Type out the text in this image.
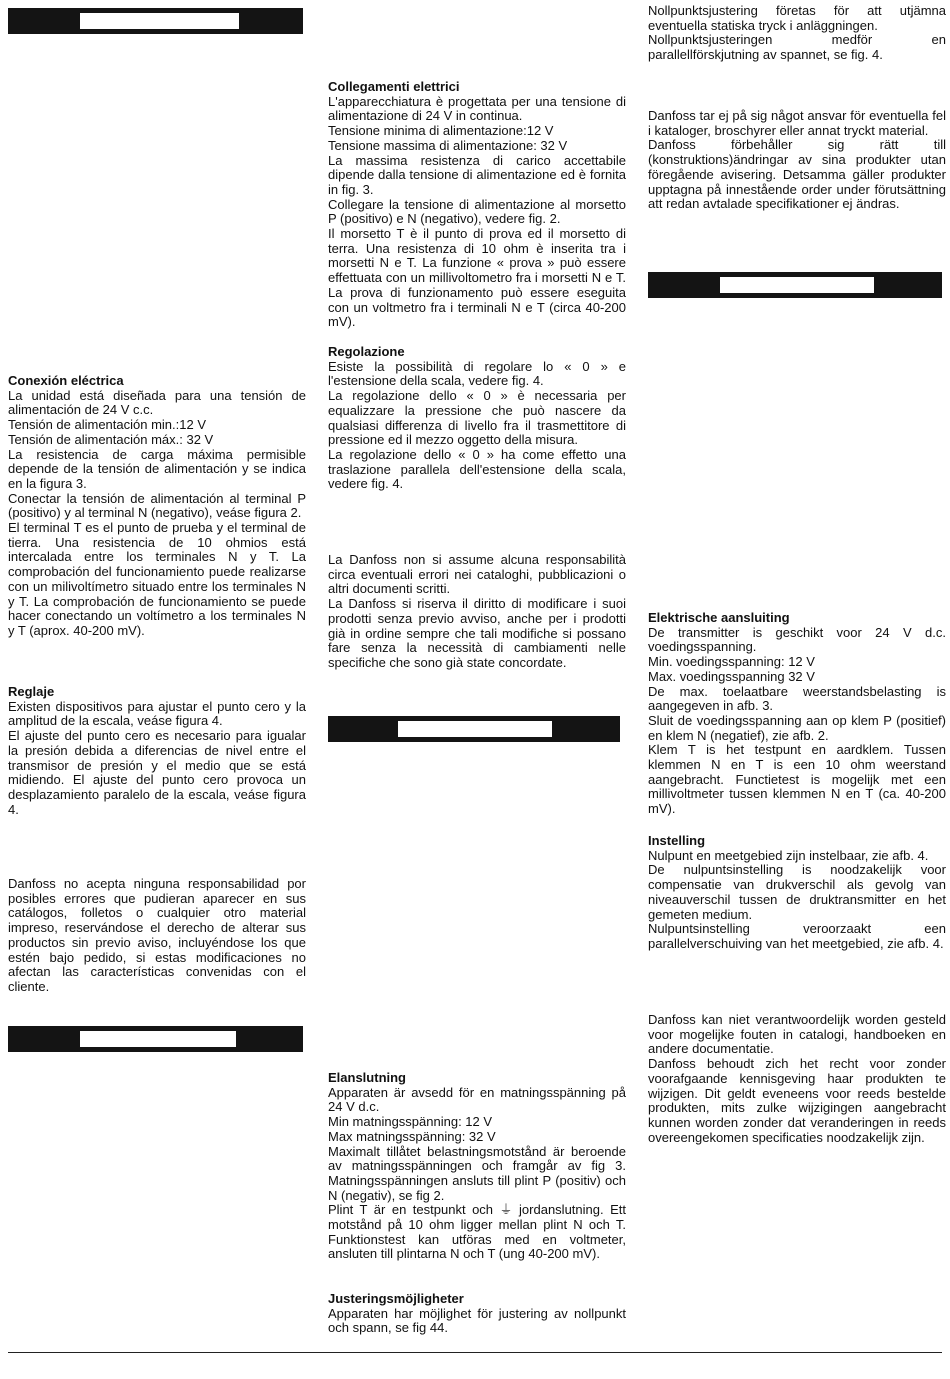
Conexión eléctrica

La unidad está diseñada para una tensión de alimentación de 24 V c.c.

Tensión de alimentación min.:12 V

Tensión de alimentación máx.: 32 V

La resistencia de carga máxima permisible depende de la tensión de alimentación y se indica en la figura 3.

Conectar la tensión de alimentación al terminal P (positivo) y al terminal N (negativo), veáse figura 2.

El terminal T es el punto de prueba y el terminal de tierra. Una resistencia de 10 ohmios está intercalada entre los terminales N y T. La comprobación del funcionamiento puede realizarse con un milivoltímetro situado entre los terminales N y T. La comprobación de funcionamiento se puede hacer conectando un voltímetro a los terminales N y T (aprox. 40-200 mV).

Reglaje

Existen dispositivos para ajustar el punto cero y la amplitud de la escala, veáse figura 4.

El ajuste del punto cero es necesario para igualar la presión debida a diferencias de nivel entre el transmisor de presión y el medio que se está midiendo. El ajuste del punto cero provoca un desplazamiento paralelo de la escala, veáse figura 4.

Danfoss no acepta ninguna responsabilidad por posibles errores que pudieran aparecer en sus catálogos, folletos o cualquier otro material impreso, reservándose el derecho de alterar sus productos sin previo aviso, incluyéndose los que estén bajo pedido, si estas modificaciones no afectan las características convenidas con el cliente.

Collegamenti elettrici

L'apparecchiatura è progettata per una tensione di alimentazione di 24 V in continua.

Tensione minima di alimentazione:12 V

Tensione massima di alimentazione: 32 V

La massima resistenza di carico accettabile dipende dalla tensione di alimentazione ed è fornita in fig. 3.

Collegare la tensione di alimentazione al morsetto P (positivo) e N (negativo), vedere fig. 2.

Il morsetto T è il punto di prova ed il morsetto di terra. Una resistenza di 10 ohm è inserita tra i morsetti N e T. La funzione « prova » può essere effettuata con un millivoltometro fra i morsetti N e T. La prova di funzionamento può essere eseguita con un voltmetro fra i terminali N e T (circa 40-200 mV).

Regolazione

Esiste la possibilità di regolare lo « 0 » e l'estensione della scala, vedere fig. 4.

La regolazione dello « 0 » è necessaria per equalizzare la pressione che può nascere da qualsiasi differenza di livello fra il trasmettitore di pressione ed il mezzo oggetto della misura.

La regolazione dello « 0 » ha come effetto una traslazione parallela dell'estensione della scala, vedere fig. 4.

La Danfoss non si assume alcuna responsabilità circa eventuali errori nei cataloghi, pubblicazioni o altri documenti scritti.

La Danfoss si riserva il diritto di modificare i suoi prodotti senza previo avviso, anche per i prodotti già in ordine sempre che tali modifiche si possano fare senza la necessità di cambiamenti nelle specifiche che sono già state concordate.

Elanslutning

Apparaten är avsedd för en matningsspänning på 24 V d.c.

Min matningsspänning: 12 V

Max matningsspänning: 32 V

Maximalt tillåtet belastningsmotstånd är beroende av matningsspänningen och framgår av fig 3. Matningsspänningen ansluts till plint P (positiv) och N (negativ), se fig 2.

Plint T är en testpunkt och ⏚ jordanslutning. Ett motstånd på 10 ohm ligger mellan plint N och T. Funktionstest kan utföras med en voltmeter, ansluten till plintarna N och T (ung 40-200 mV).

Justeringsmöjligheter

Apparaten har möjlighet för justering av nollpunkt och spann, se fig 44.

Nollpunktsjustering företas för att utjämna eventuella statiska tryck i anläggningen.

Nollpunktsjusteringen medför en parallellförskjutning av spannet, se fig. 4.

Danfoss tar ej på sig något ansvar för eventuella fel i kataloger, broschyrer eller annat tryckt material.

Danfoss förbehåller sig rätt till (konstruktions)ändringar av sina produkter utan föregående avisering. Detsamma gäller produkter upptagna på innestående order under förutsättning att redan avtalade specifikationer ej ändras.

Elektrische aansluiting

De transmitter is geschikt voor 24 V d.c. voedingsspanning.

Min. voedingsspanning: 12 V

Max. voedingsspanning 32 V

De max. toelaatbare weerstandsbelasting is aangegeven in afb. 3.

Sluit de voedingsspanning aan op klem P (positief) en klem N (negatief), zie afb. 2.

Klem T is het testpunt en aardklem. Tussen klemmen N en T is een 10 ohm weerstand aangebracht. Functietest is mogelijk met een millivoltmeter tussen klemmen N en T (ca. 40-200 mV).

Instelling

Nulpunt en meetgebied zijn instelbaar, zie afb. 4.

De nulpuntsinstelling is noodzakelijk voor compensatie van drukverschil als gevolg van niveauverschil tussen de druktransmitter en het gemeten medium.

Nulpuntsinstelling veroorzaakt een parallelverschuiving van het meetgebied, zie afb. 4.

Danfoss kan niet verantwoordelijk worden gesteld voor mogelijke fouten in catalogi, handboeken en andere documentatie.

Danfoss behoudt zich het recht voor zonder voorafgaande kennisgeving haar produkten te wijzigen. Dit geldt eveneens voor reeds bestelde produkten, mits zulke wijzigingen aangebracht kunnen worden zonder dat veranderingen in reeds overeengekomen specificaties noodzakelijk zijn.
